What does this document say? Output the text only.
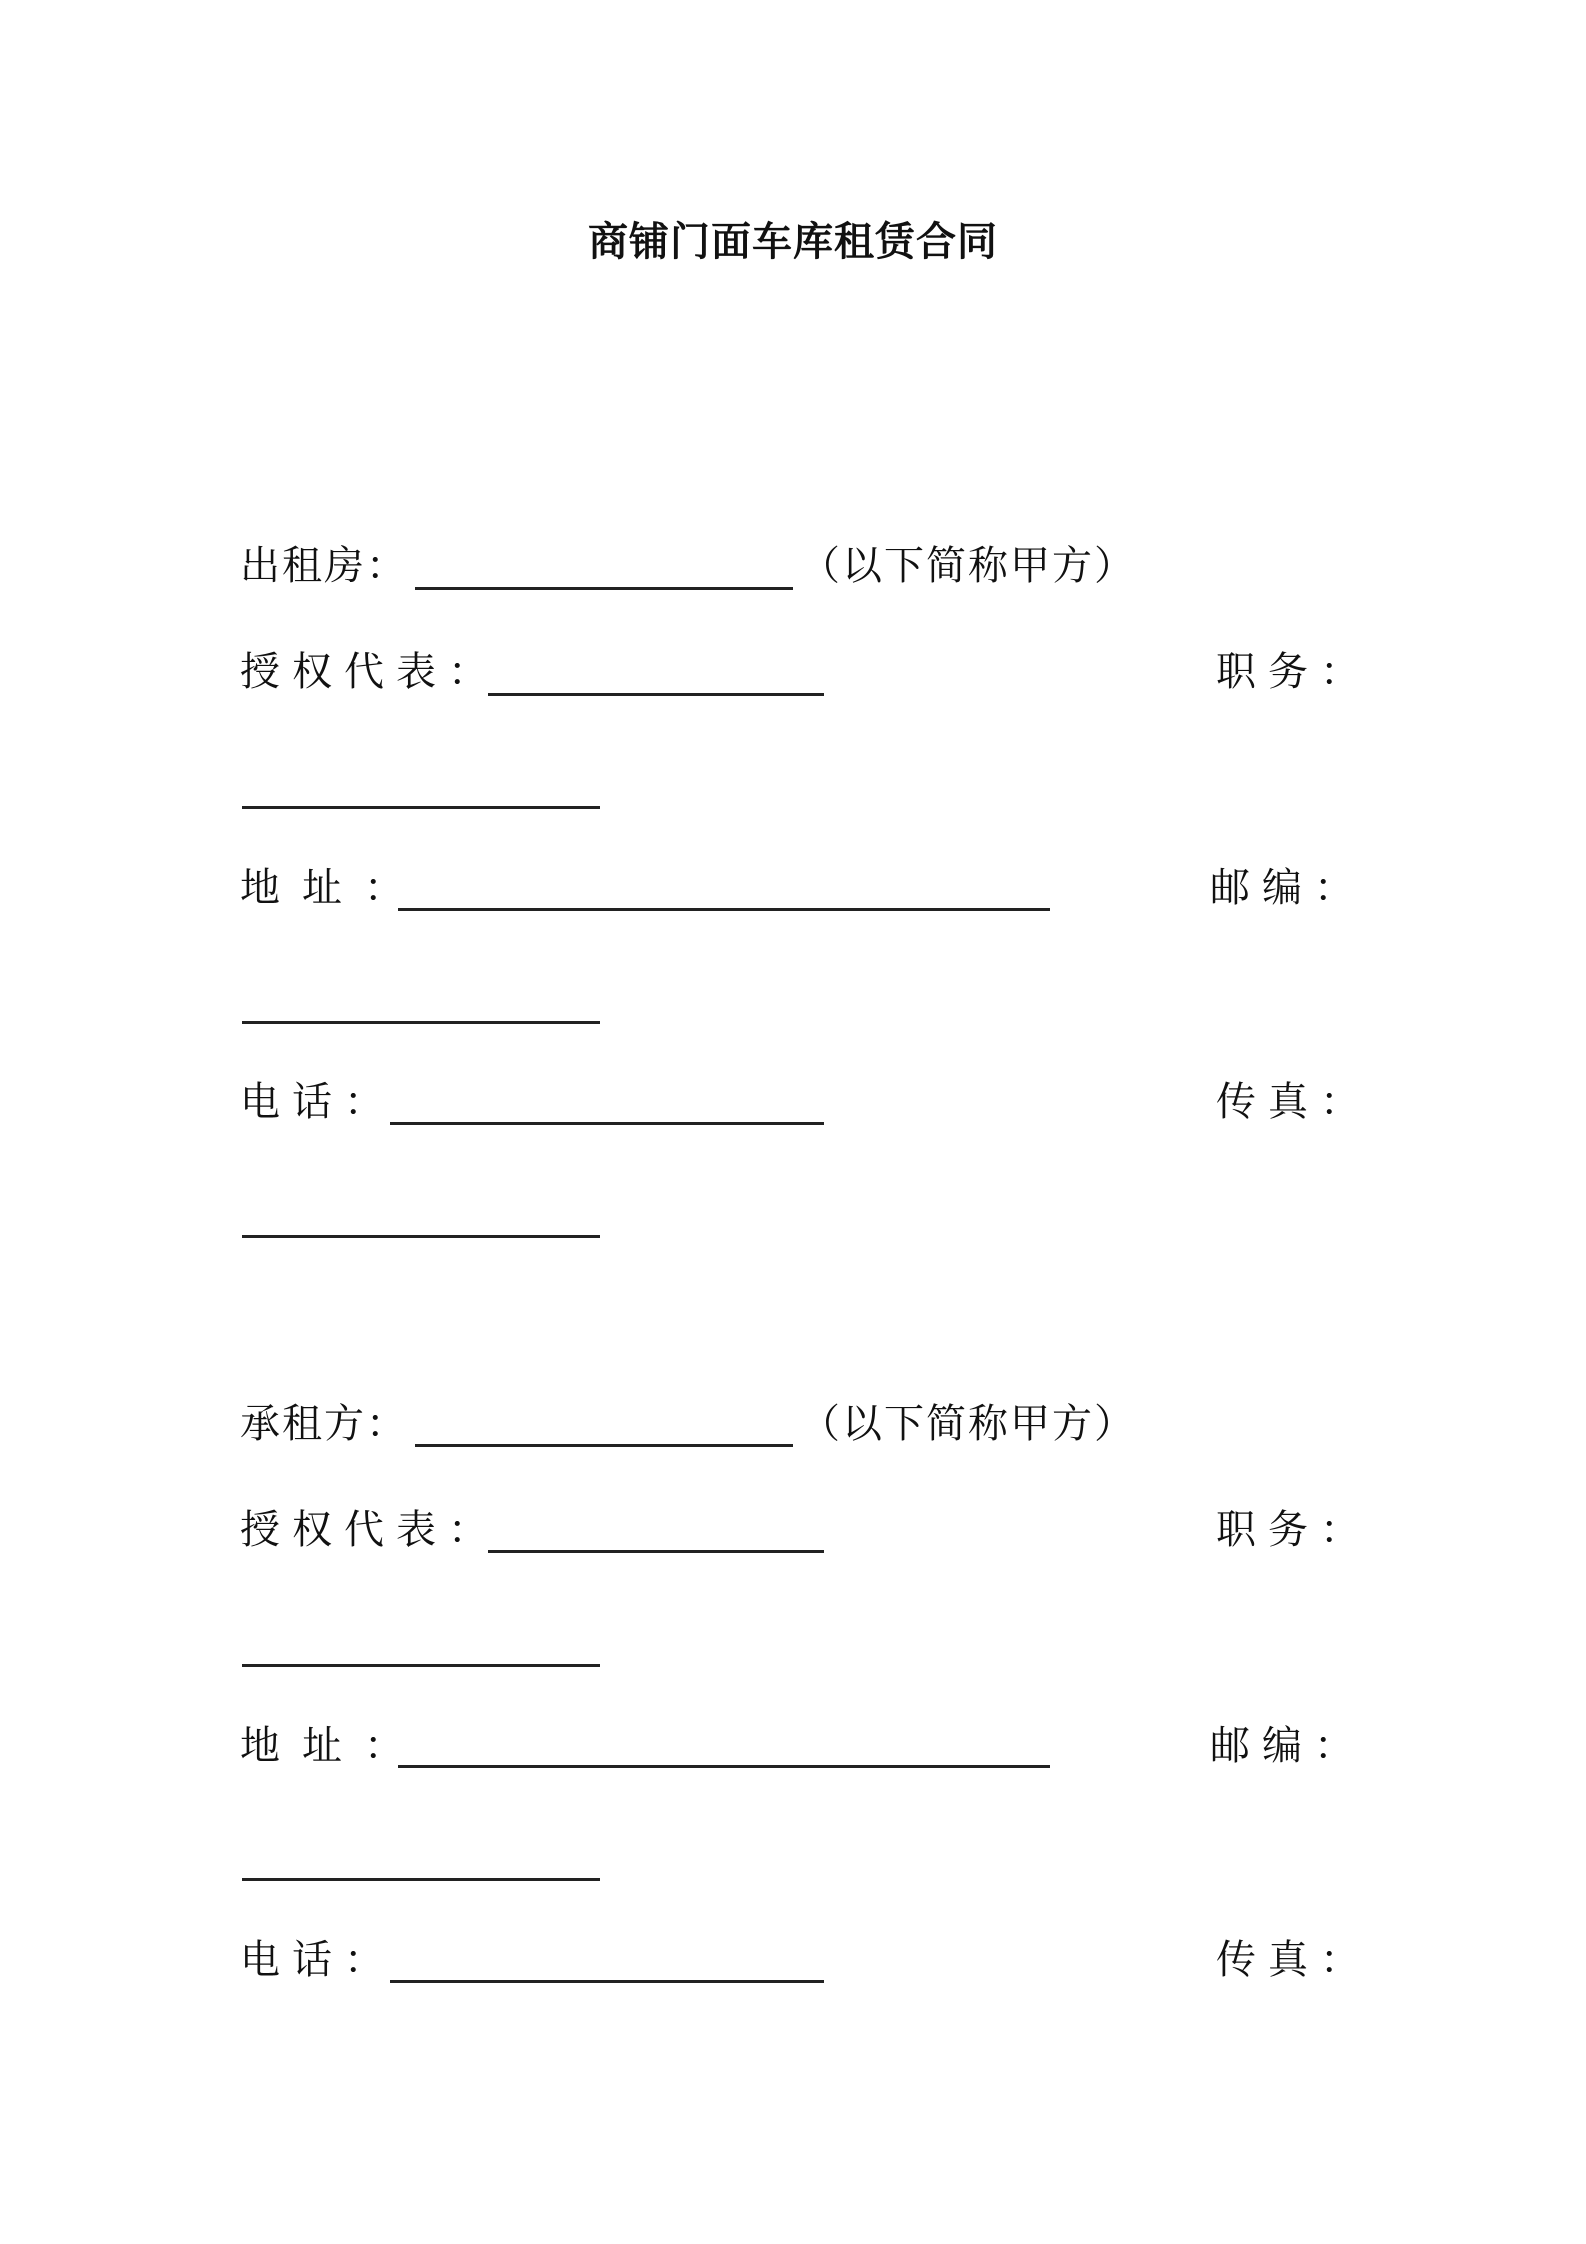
商铺门面车库租赁合同
出租房：	（以下简称甲方）
授权代表：	职务：
地址：	邮编：
电话：	传真：
承租方：	（以下简称甲方）
授权代表：	职务：
地址：	邮编：
电话：	传真：
